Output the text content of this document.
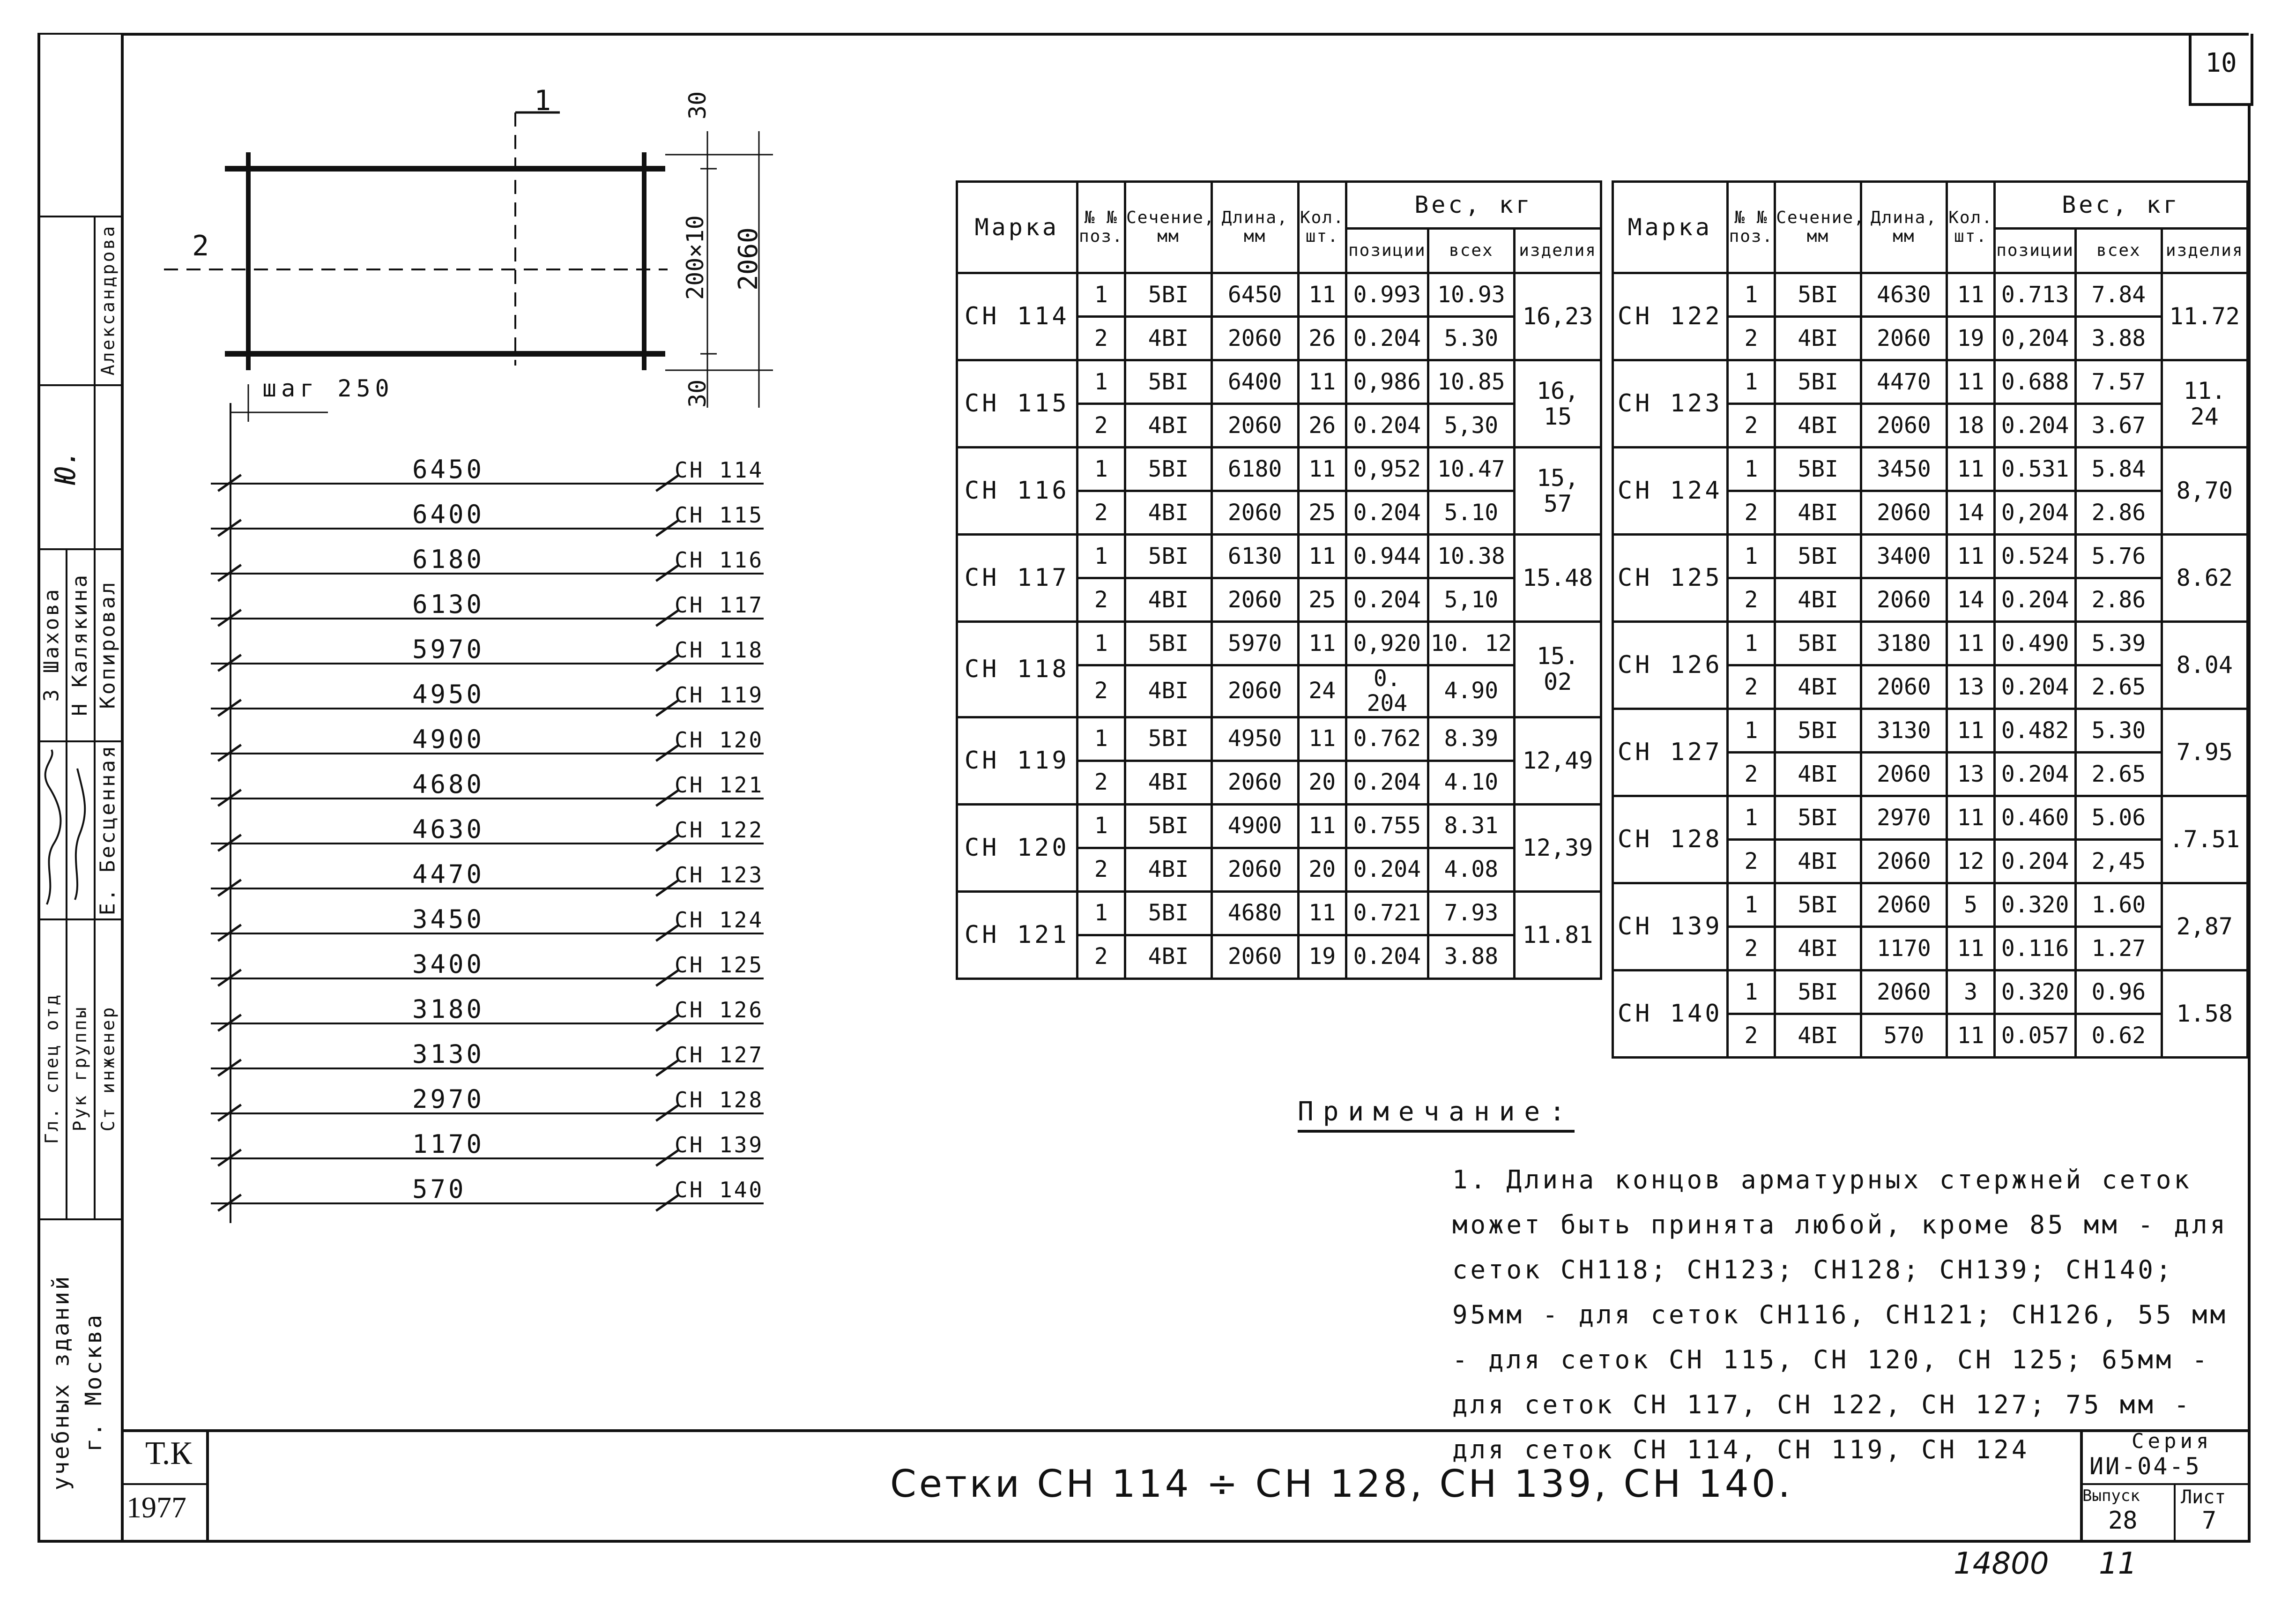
10
Александрова
Ю.
Копировал
З Шахова
Н Калякина
Е. Бесценная
Гл. спец отд Рук группы Ст инженер
учебных зданий г. Москва
1
2
30
200×10 2060
30
шаг 250
6450	СН 114
6400	СН 115
6180	СН 116
6130	СН 117
5970	СН 118
4950	СН 119
4900	СН 120
4680	СН 121
4630	СН 122
4470	СН 123
3450	СН 124
3400	СН 125
3180	СН 126
3130	СН 127
2970	СН 128
1170	СН 139
570	СН 140
Марка	№ № поз.	Сечение, мм	Длина, мм	Кол. шт.	Вес, кг		
					позиции	всех	изделия
СН 114	1	5ВI	6450	11	0.993	10.93	16,23
	2	4ВI	2060	26	0.204	5.30	
СН 115	1	5ВI	6400	11	0,986	10.85	16, 15
	2	4ВI	2060	26	0.204	5,30	
СН 116	1	5ВI	6180	11	0,952	10.47	15, 57
	2	4ВI	2060	25	0.204	5.10	
СН 117	1	5ВI	6130	11	0.944	10.38	15.48
	2	4ВI	2060	25	0.204	5,10	
СН 118	1	5ВI	5970	11	0,920	10. 12	15. 02
	2	4ВI	2060	24	0. 204	4.90	
СН 119	1	5ВI	4950	11	0.762	8.39	12,49
	2	4ВI	2060	20	0.204	4.10	
СН 120	1	5ВI	4900	11	0.755	8.31	12,39
	2	4ВI	2060	20	0.204	4.08	
СН 121	1	5ВI	4680	11	0.721	7.93	11.81
	2	4ВI	2060	19	0.204	3.88	
Марка	№ № поз.	Сечение, мм	Длина, мм	Кол. шт.	Вес, кг		
					позиции	всех	изделия
СН 122	1	5ВI	4630	11	0.713	7.84	11.72
	2	4ВI	2060	19	0,204	3.88	
СН 123	1	5ВI	4470	11	0.688	7.57	11. 24
	2	4ВI	2060	18	0.204	3.67	
СН 124	1	5ВI	3450	11	0.531	5.84	8,70
	2	4ВI	2060	14	0,204	2.86	
СН 125	1	5ВI	3400	11	0.524	5.76	8.62
	2	4ВI	2060	14	0.204	2.86	
СН 126	1	5ВI	3180	11	0.490	5.39	8.04
	2	4ВI	2060	13	0.204	2.65	
СН 127	1	5ВI	3130	11	0.482	5.30	7.95
	2	4ВI	2060	13	0.204	2.65	
СН 128	1	5ВI	2970	11	0.460	5.06	.7.51
	2	4ВI	2060	12	0.204	2,45	
СН 139	1	5ВI	2060	5	0.320	1.60	2,87
	2	4ВI	1170	11	0.116	1.27	
СН 140	1	5ВI	2060	3	0.320	0.96	1.58
	2	4ВI	570	11	0.057	0.62	
Примечание:
1. Длина концов арматурных стержней сеток может быть принята любой, кроме 85 мм - для сеток СН118; СН123; СН128; СН139; СН140; 95мм - для сеток СН116, СН121; СН126, 55 мм - для сеток СН 115, СН 120, СН 125; 65мм - для сеток СН 117, СН 122, СН 127; 75 мм - для сеток СН 114, СН 119, СН 124
Т.К
1977
Сетки СН 114 ÷ СН 128, СН 139, СН 140.
Серия
ИИ-04-5
Выпуск
28
Лист
7
14800 11
